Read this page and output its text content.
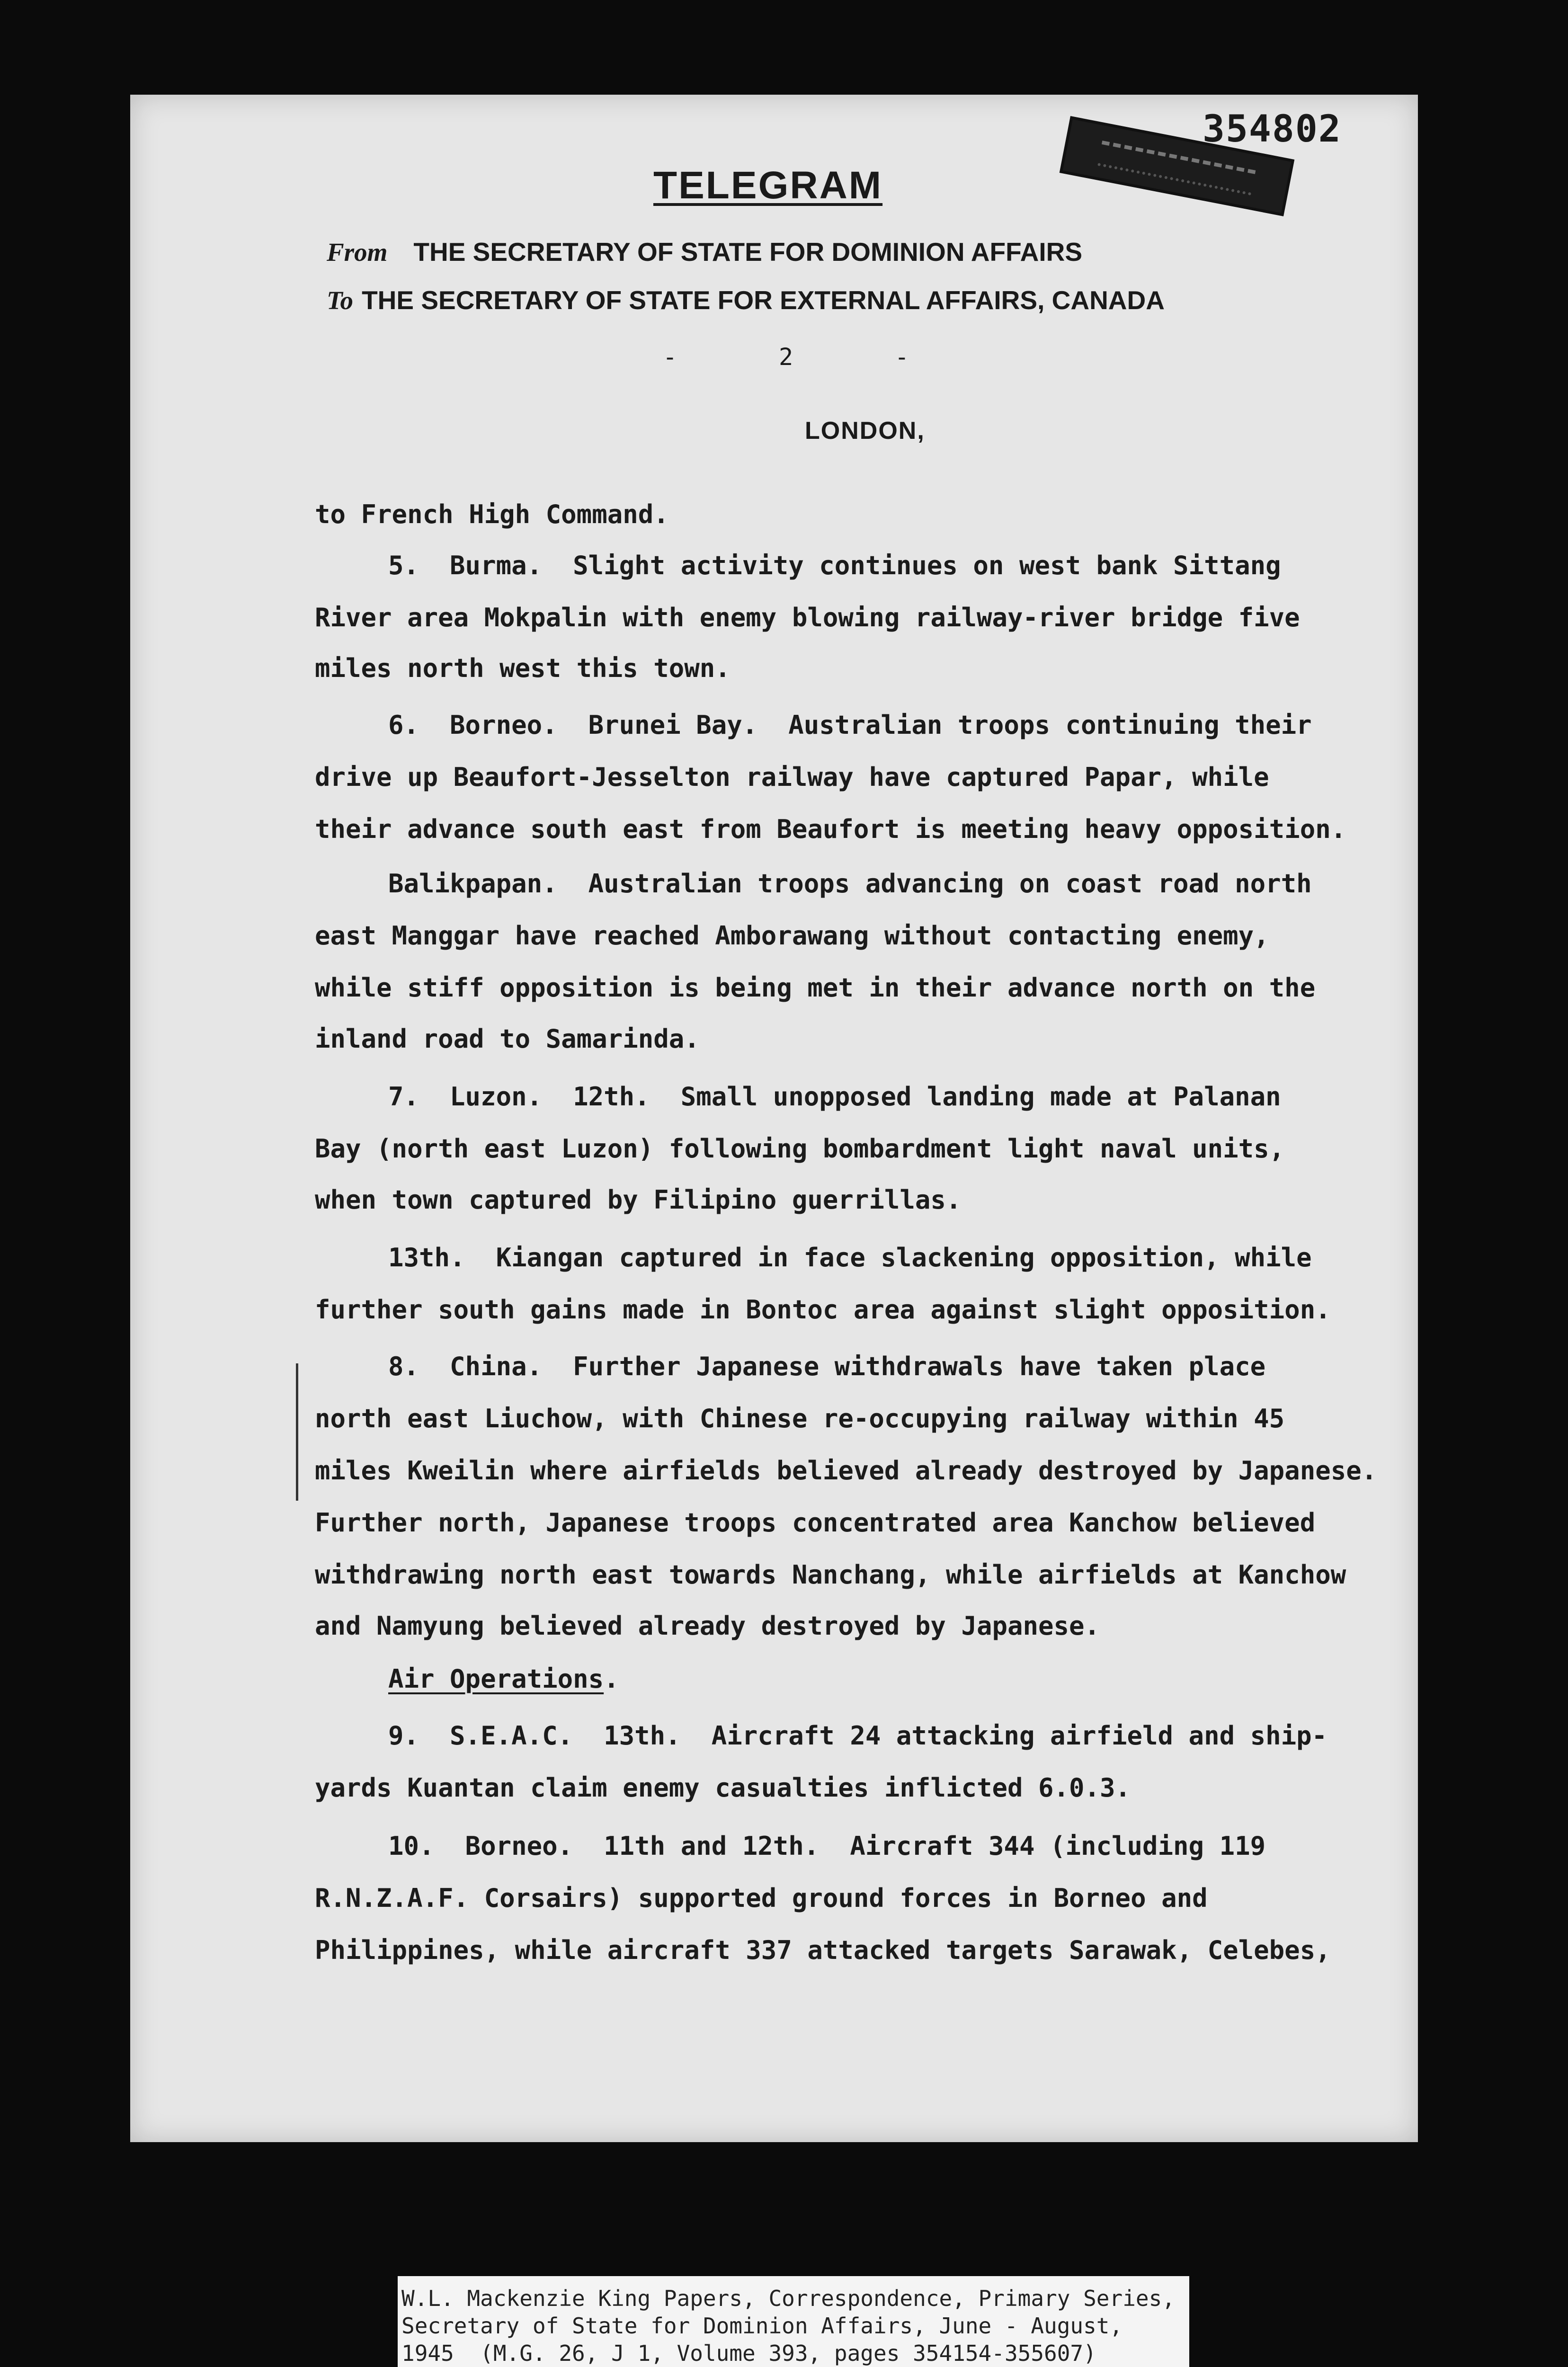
354802
TELEGRAM
From THE SECRETARY OF STATE FOR DOMINION AFFAIRS
To THE SECRETARY OF STATE FOR EXTERNAL AFFAIRS, CANADA
-	2	-
LONDON,
to French High Command.
5.  Burma.  Slight activity continues on west bank Sittang
River area Mokpalin with enemy blowing railway-river bridge five
miles north west this town.
6.  Borneo.  Brunei Bay.  Australian troops continuing their
drive up Beaufort-Jesselton railway have captured Papar, while
their advance south east from Beaufort is meeting heavy opposition.
Balikpapan.  Australian troops advancing on coast road north
east Manggar have reached Amborawang without contacting enemy,
while stiff opposition is being met in their advance north on the
inland road to Samarinda.
7.  Luzon.  12th.  Small unopposed landing made at Palanan
Bay (north east Luzon) following bombardment light naval units,
when town captured by Filipino guerrillas.
13th.  Kiangan captured in face slackening opposition, while
further south gains made in Bontoc area against slight opposition.
8.  China.  Further Japanese withdrawals have taken place
north east Liuchow, with Chinese re-occupying railway within 45
miles Kweilin where airfields believed already destroyed by Japanese.
Further north, Japanese troops concentrated area Kanchow believed
withdrawing north east towards Nanchang, while airfields at Kanchow
and Namyung believed already destroyed by Japanese.
Air Operations.
9.  S.E.A.C.  13th.  Aircraft 24 attacking airfield and ship-
yards Kuantan claim enemy casualties inflicted 6.0.3.
10.  Borneo.  11th and 12th.  Aircraft 344 (including 119
R.N.Z.A.F. Corsairs) supported ground forces in Borneo and
Philippines, while aircraft 337 attacked targets Sarawak, Celebes,
W.L. Mackenzie King Papers, Correspondence, Primary Series,
Secretary of State for Dominion Affairs, June - August,
1945  (M.G. 26, J 1, Volume 393, pages 354154-355607)
